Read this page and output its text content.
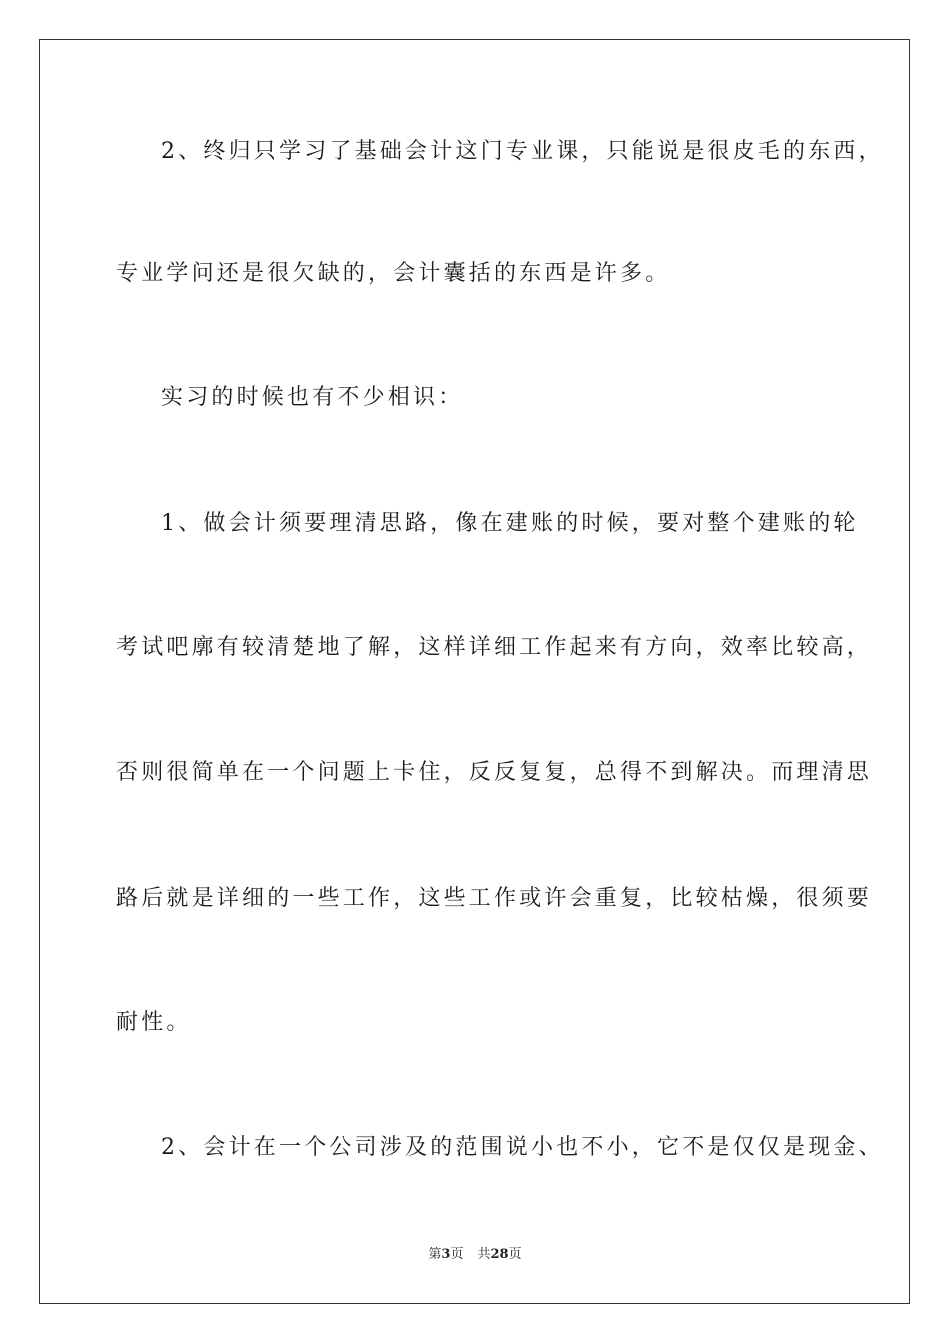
2、终归只学习了基础会计这门专业课，只能说是很皮毛的东西，
专业学问还是很欠缺的，会计囊括的东西是许多。
实习的时候也有不少相识：
1、做会计须要理清思路，像在建账的时候，要对整个建账的轮
考试吧廓有较清楚地了解，这样详细工作起来有方向，效率比较高，
否则很简单在一个问题上卡住，反反复复，总得不到解决。而理清思
路后就是详细的一些工作，这些工作或许会重复，比较枯燥，很须要
耐性。
2、会计在一个公司涉及的范围说小也不小，它不是仅仅是现金、
第3页 共28页
